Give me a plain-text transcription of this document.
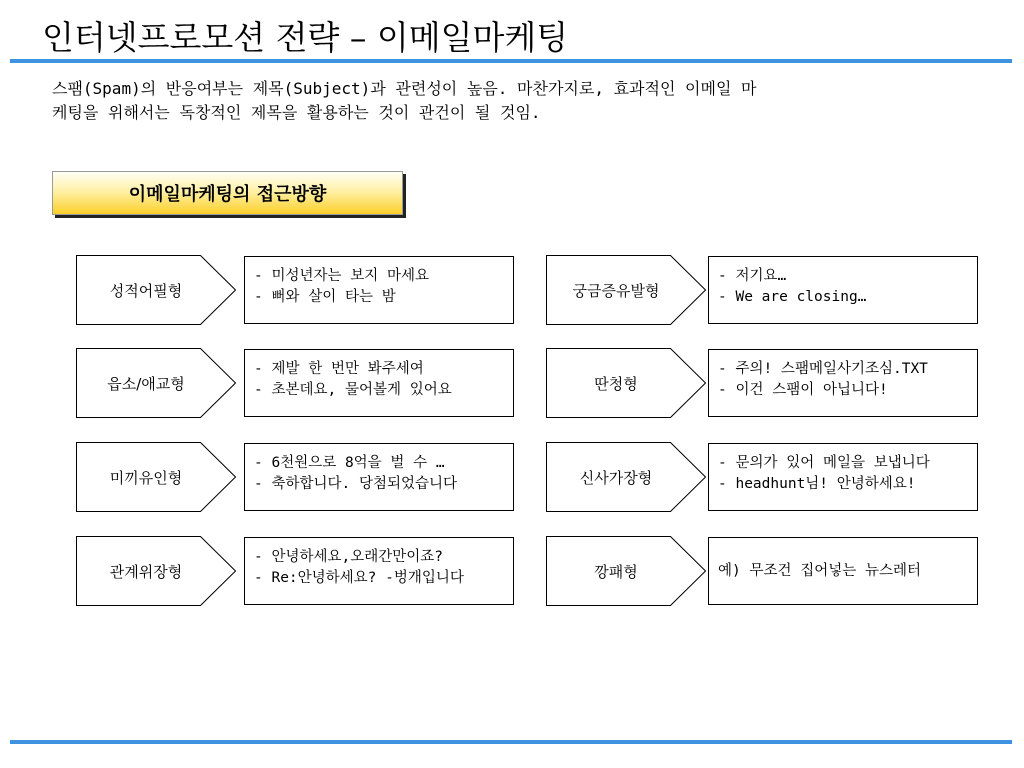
인터넷프로모션 전략 – 이메일마케팅
스팸(Spam)의 반응여부는 제목(Subject)과 관련성이 높음. 마찬가지로, 효과적인 이메일 마
케팅을 위해서는 독창적인 제목을 활용하는 것이 관건이 될 것임.
이메일마케팅의 접근방향
성적어필형
- 미성년자는 보지 마세요
- 뻐와 살이 타는 밤	궁금증유발형
- 저기요…
- We are closing…
읍소/애교형
- 제발 한 번만 봐주세여
- 초본데요, 물어볼게 있어요	딴청형
- 주의! 스팸메일사기조심.TXT
- 이건 스팸이 아닙니다!
미끼유인형
- 6천원으로 8억을 벌 수 …
- 축하합니다. 당첨되었습니다	신사가장형
- 문의가 있어 메일을 보냅니다
- headhunt님! 안녕하세요!
관계위장형
- 안녕하세요,오래간만이죠?
- Re:안녕하세요? -벙개입니다	깡패형	예) 무조건 집어넣는 뉴스레터
